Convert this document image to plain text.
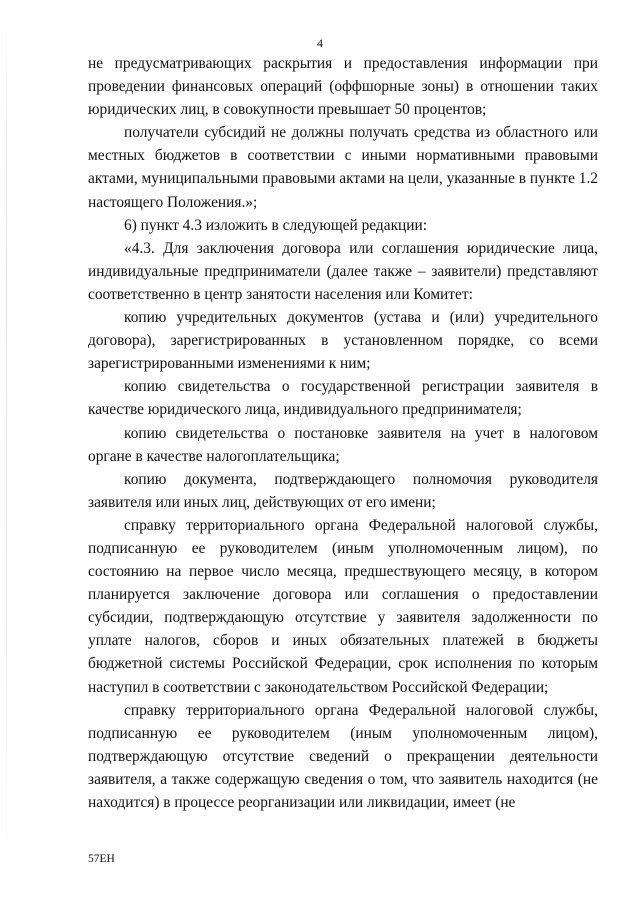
4

не предусматривающих раскрытия и предоставления информации при проведении финансовых операций (оффшорные зоны) в отношении таких юридических лиц, в совокупности превышает 50 процентов;

получатели субсидий не должны получать средства из областного или местных бюджетов в соответствии с иными нормативными правовыми актами, муниципальными правовыми актами на цели, указанные в пункте 1.2 настоящего Положения.»;

6) пункт 4.3 изложить в следующей редакции:

«4.3. Для заключения договора или соглашения юридические лица, индивидуальные предприниматели (далее также – заявители) представляют соответственно в центр занятости населения или Комитет:

копию учредительных документов (устава и (или) учредительного договора), зарегистрированных в установленном порядке, со всеми зарегистрированными изменениями к ним;

копию свидетельства о государственной регистрации заявителя в качестве юридического лица, индивидуального предпринимателя;

копию свидетельства о постановке заявителя на учет в налоговом органе в качестве налогоплательщика;

копию документа, подтверждающего полномочия руководителя заявителя или иных лиц, действующих от его имени;

справку территориального органа Федеральной налоговой службы, подписанную ее руководителем (иным уполномоченным лицом), по состоянию на первое число месяца, предшествующего месяцу, в котором планируется заключение договора или соглашения о предоставлении субсидии, подтверждающую отсутствие у заявителя задолженности по уплате налогов, сборов и иных обязательных платежей в бюджеты бюджетной системы Российской Федерации, срок исполнения по которым наступил в соответствии с законодательством Российской Федерации;

справку территориального органа Федеральной налоговой службы, подписанную ее руководителем (иным уполномоченным лицом), подтверждающую отсутствие сведений о прекращении деятельности заявителя, а также содержащую сведения о том, что заявитель находится (не находится) в процессе реорганизации или ликвидации, имеет (не

57ЕН
